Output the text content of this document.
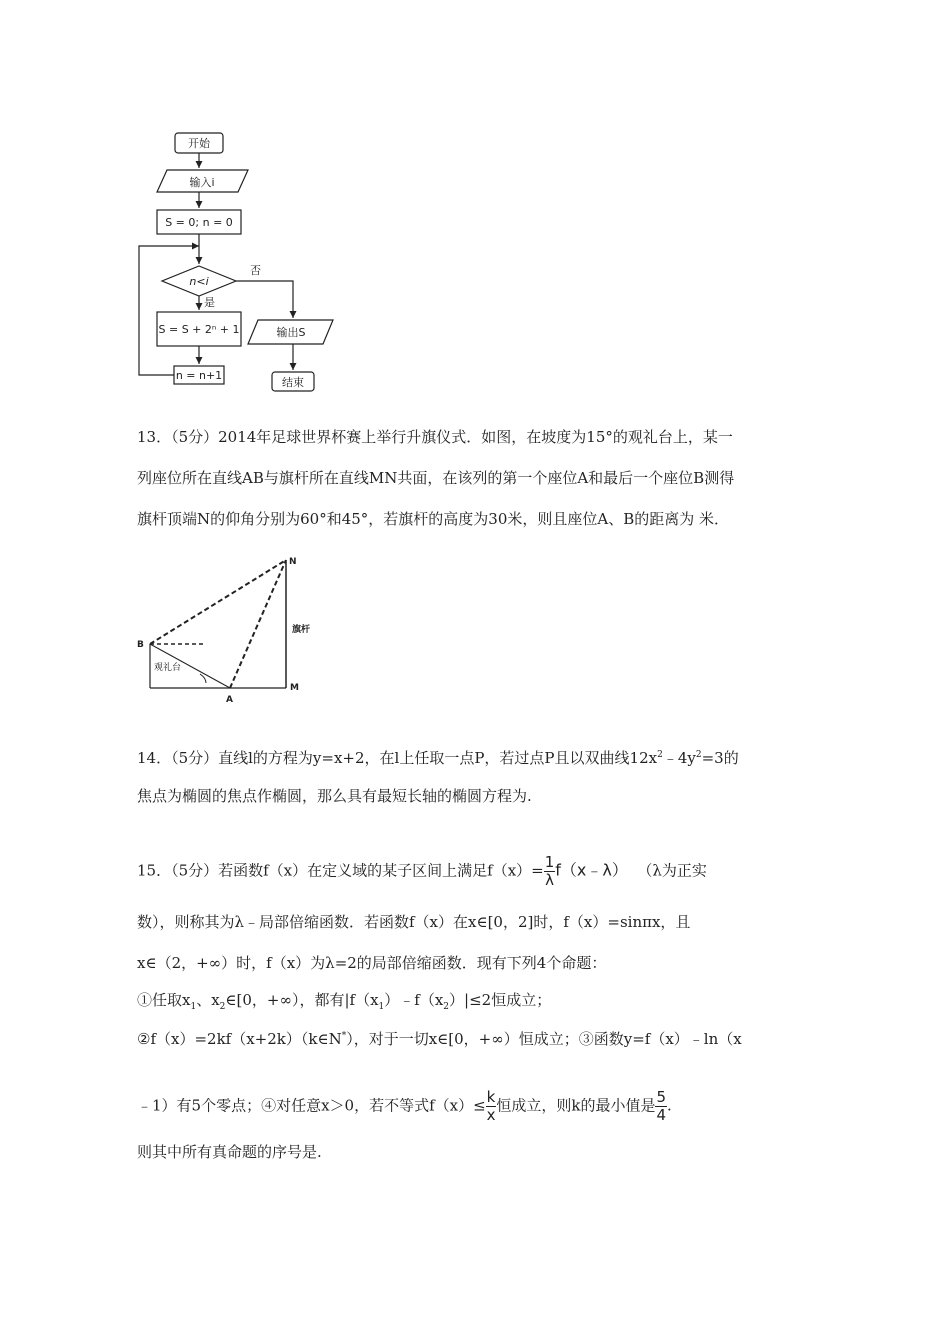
开始
输入i
S = 0; n = 0
n<i
是
否
S = S + 2ⁿ + 1
n = n+1
输出S
结束
13．（5分）2014年足球世界杯赛上举行升旗仪式．如图，在坡度为15°的观礼台上，某一
列座位所在直线AB与旗杆所在直线MN共面，在该列的第一个座位A和最后一个座位B测得
旗杆顶端N的仰角分别为60°和45°，若旗杆的高度为30米，则且座位A、B的距离为 米．
N
B
A
M
旗杆
观礼台
14．（5分）直线l的方程为y=x+2，在l上任取一点P，若过点P且以双曲线$12x^2﹣4y^2=3$的
焦点为椭圆的焦点作椭圆，那么具有最短长轴的椭圆方程为.
15．（5分）若函数f（x）在定义域的某子区间上满足$f(x)= \frac{1}{\lambda}$ f（x﹣λ） （λ为正实
数），则称其为λ﹣局部倍缩函数．若函数f（x）在x∈[0，2]时，f（x）=sinπx，且
x∈（2，+∞）时，f（x）为λ=2的局部倍缩函数．现有下列4个命题：
①任取$x_1$、$x_2\in[0$，+∞），都有$|f(x_1)﹣f(x_2)|\le 2$恒成立；
②f（x）=2kf（x+2k）（k∈N*），对于一切x∈[0，+∞）恒成立；③函数y=f（x）﹣ln（x
﹣1）有5个零点；④对任意x＞0，若不等式$f(x)\le \frac{k}{x}$ 恒成立，则k的最小值是 $\frac{5}{4}$ .
则其中所有真命题的序号是.
